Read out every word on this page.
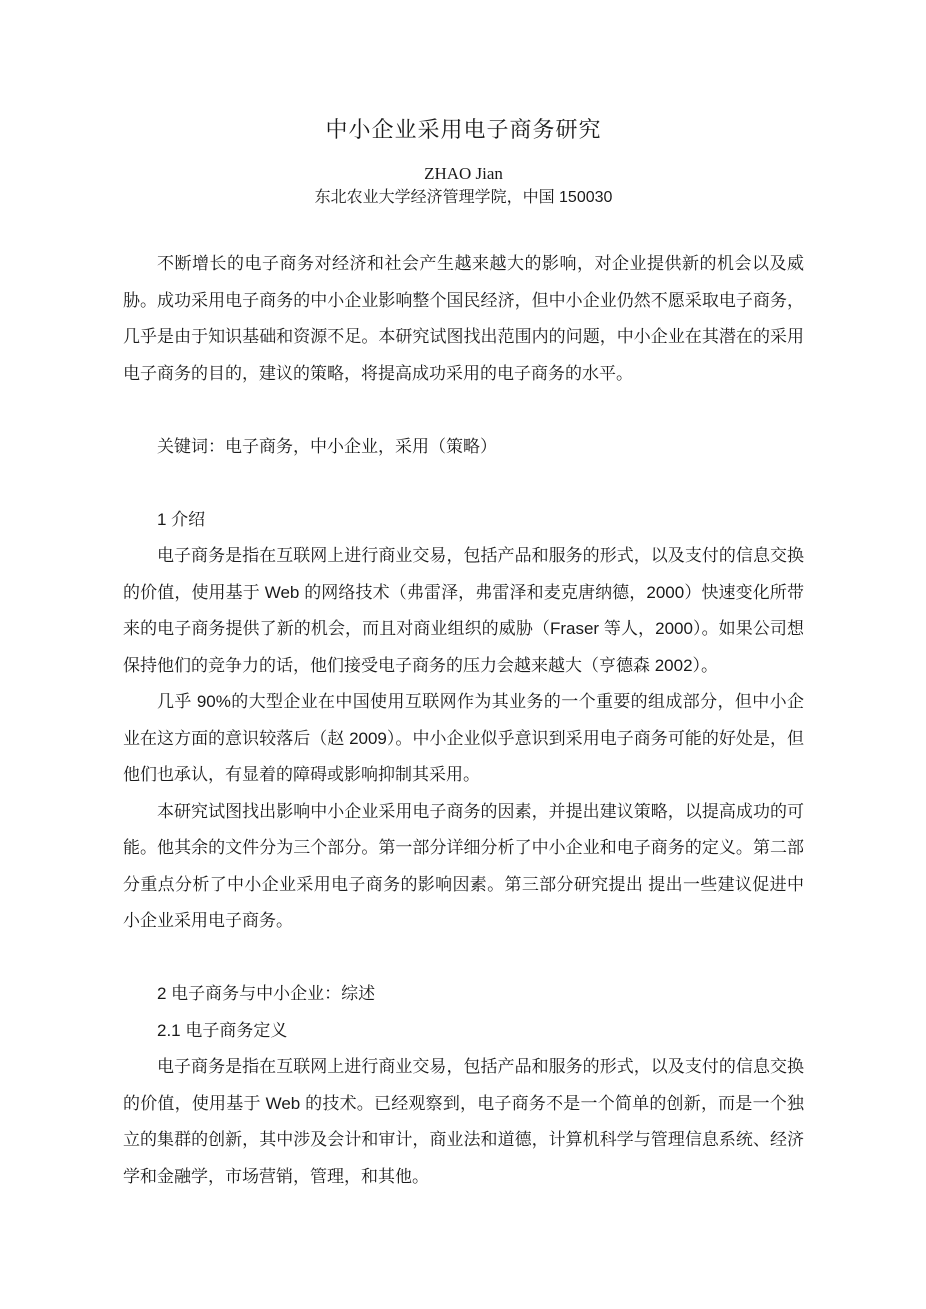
中小企业采用电子商务研究

ZHAO Jian

东北农业大学经济管理学院，中国 150030

不断增长的电子商务对经济和社会产生越来越大的影响，对企业提供新的机会以及威胁。成功采用电子商务的中小企业影响整个国民经济，但中小企业仍然不愿采取电子商务，几乎是由于知识基础和资源不足。本研究试图找出范围内的问题，中小企业在其潜在的采用电子商务的目的，建议的策略，将提高成功采用的电子商务的水平。

关键词：电子商务，中小企业，采用（策略）

1 介绍

电子商务是指在互联网上进行商业交易，包括产品和服务的形式，以及支付的信息交换的价值，使用基于 Web 的网络技术（弗雷泽，弗雷泽和麦克唐纳德，2000）快速变化所带来的电子商务提供了新的机会，而且对商业组织的威胁（Fraser 等人，2000）。如果公司想保持他们的竞争力的话，他们接受电子商务的压力会越来越大（亨德森 2002）。

几乎 90%的大型企业在中国使用互联网作为其业务的一个重要的组成部分，但中小企业在这方面的意识较落后（赵 2009）。中小企业似乎意识到采用电子商务可能的好处是，但他们也承认，有显着的障碍或影响抑制其采用。

本研究试图找出影响中小企业采用电子商务的因素，并提出建议策略，以提高成功的可能。他其余的文件分为三个部分。第一部分详细分析了中小企业和电子商务的定义。第二部分重点分析了中小企业采用电子商务的影响因素。第三部分研究提出 提出一些建议促进中小企业采用电子商务。

2 电子商务与中小企业：综述
2.1 电子商务定义

电子商务是指在互联网上进行商业交易，包括产品和服务的形式，以及支付的信息交换的价值，使用基于 Web 的技术。已经观察到，电子商务不是一个简单的创新，而是一个独立的集群的创新，其中涉及会计和审计，商业法和道德，计算机科学与管理信息系统、经济学和金融学，市场营销，管理，和其他。
